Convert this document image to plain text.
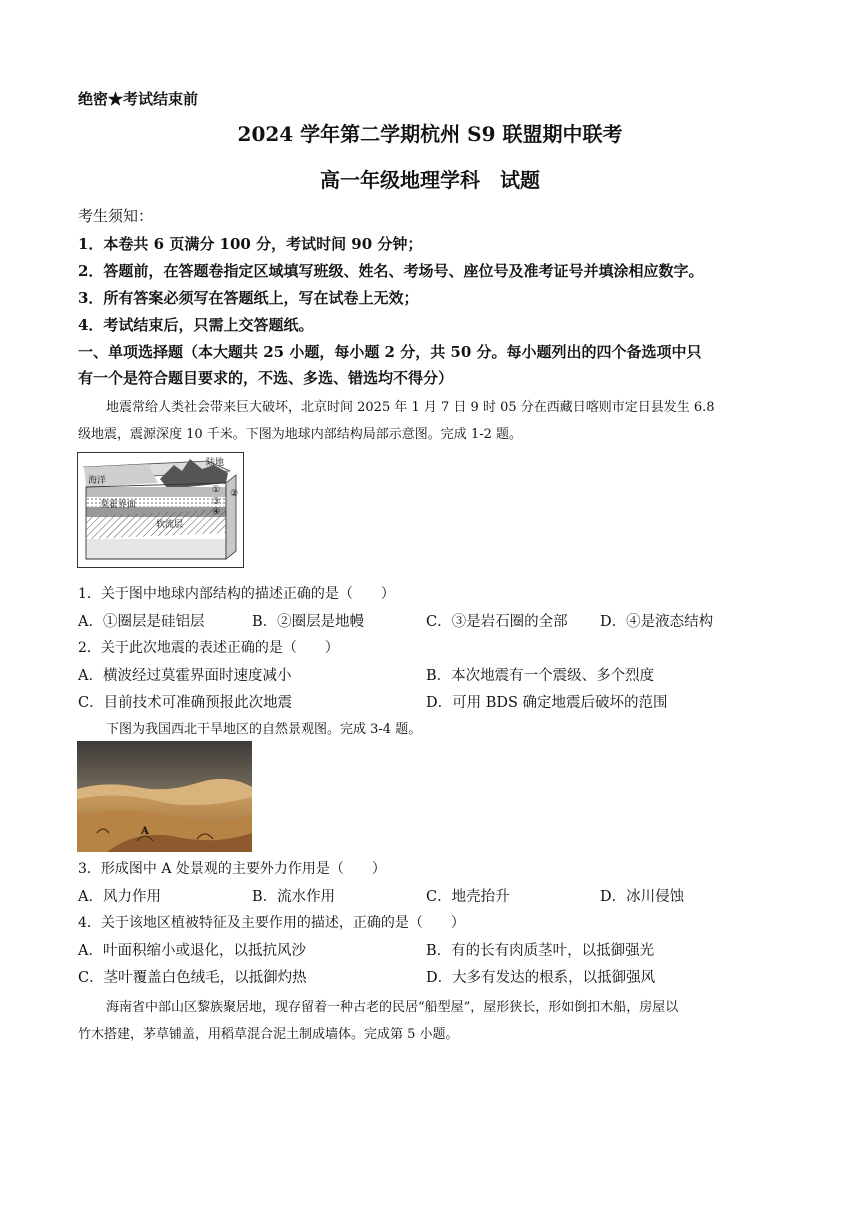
绝密★考试结束前
2024 学年第二学期杭州 S9 联盟期中联考
高一年级地理学科　试题
考生须知：
1．本卷共 6 页满分 100 分，考试时间 90 分钟；
2．答题前，在答题卷指定区域填写班级、姓名、考场号、座位号及准考证号并填涂相应数字。
3．所有答案必须写在答题纸上，写在试卷上无效；
4．考试结束后，只需上交答题纸。
一、单项选择题（本大题共 25 小题，每小题 2 分，共 50 分。每小题列出的四个备选项中只
有一个是符合题目要求的，不选、多选、错选均不得分）
地震常给人类社会带来巨大破坏，北京时间 2025 年 1 月 7 日 9 时 05 分在西藏日喀则市定日县发生 6.8
级地震，震源深度 10 千米。下图为地球内部结构局部示意图。完成 1-2 题。
海洋
陆地
莫霍界面
软流层
① ②
③
④
1．关于图中地球内部结构的描述正确的是（　　）
A．①圈层是硅铝层	B．②圈层是地幔	C．③是岩石圈的全部 D．④是液态结构
2．关于此次地震的表述正确的是（　　）
A．横波经过莫霍界面时速度减小	B．本次地震有一个震级、多个烈度
C．目前技术可准确预报此次地震	D．可用 BDS 确定地震后破坏的范围
下图为我国西北干旱地区的自然景观图。完成 3-4 题。
A
3．形成图中 A 处景观的主要外力作用是（　　）
A．风力作用	B．流水作用	C．地壳抬升	D．冰川侵蚀
4．关于该地区植被特征及主要作用的描述，正确的是（　　）
A．叶面积缩小或退化，以抵抗风沙	B．有的长有肉质茎叶，以抵御强光
C．茎叶覆盖白色绒毛，以抵御灼热	D．大多有发达的根系，以抵御强风
海南省中部山区黎族聚居地，现存留着一种古老的民居“船型屋”，屋形狭长，形如倒扣木船，房屋以
竹木搭建，茅草铺盖，用稻草混合泥土制成墙体。完成第 5 小题。
